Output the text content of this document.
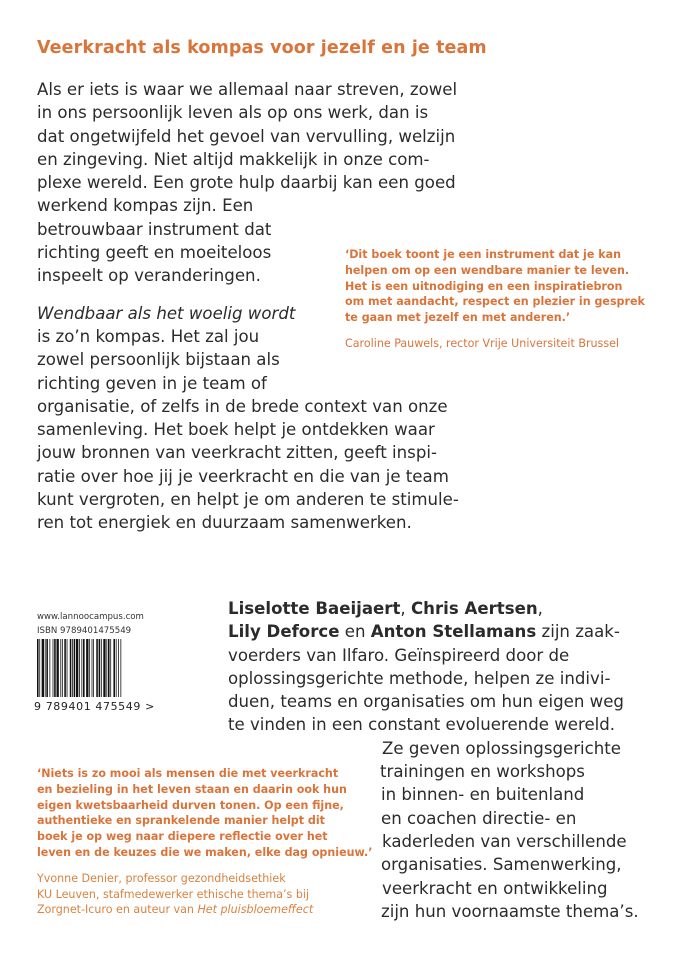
Veerkracht als kompas voor jezelf en je team
Als er iets is waar we allemaal naar streven, zowel
in ons persoonlijk leven als op ons werk, dan is
dat ongetwijfeld het gevoel van vervulling, welzijn
en zingeving. Niet altijd makkelijk in onze com-
plexe wereld. Een grote hulp daarbij kan een goed
werkend kompas zijn. Een
betrouwbaar instrument dat
richting geeft en moeiteloos
inspeelt op veranderingen.
Wendbaar als het woelig wordt
is zo’n kompas. Het zal jou
zowel persoonlijk bijstaan als
richting geven in je team of
organisatie, of zelfs in de brede context van onze
samenleving. Het boek helpt je ontdekken waar
jouw bronnen van veerkracht zitten, geeft inspi-
ratie over hoe jij je veerkracht en die van je team
kunt vergroten, en helpt je om anderen te stimule-
ren tot energiek en duurzaam samenwerken.
‘Dit boek toont je een instrument dat je kan
helpen om op een wendbare manier te leven.
Het is een uitnodiging en een inspiratiebron
om met aandacht, respect en plezier in gesprek
te gaan met jezelf en met anderen.’
Caroline Pauwels, rector Vrije Universiteit Brussel
www.lannoocampus.com
ISBN 9789401475549
9 789401 475549 >
Liselotte Baeijaert, Chris Aertsen,
Lily Deforce en Anton Stellamans zijn zaak-
voerders van Ilfaro. Geïnspireerd door de
oplossingsgerichte methode, helpen ze indivi-
duen, teams en organisaties om hun eigen weg
te vinden in een constant evoluerende wereld.
Ze geven oplossingsgerichte
trainingen en workshops
in binnen- en buitenland
en coachen directie- en
kaderleden van verschillende
organisaties. Samenwerking,
veerkracht en ontwikkeling
zijn hun voornaamste thema’s.
‘Niets is zo mooi als mensen die met veerkracht
en bezieling in het leven staan en daarin ook hun
eigen kwetsbaarheid durven tonen. Op een fijne,
authentieke en sprankelende manier helpt dit
boek je op weg naar diepere reflectie over het
leven en de keuzes die we maken, elke dag opnieuw.’
Yvonne Denier, professor gezondheidsethiek
KU Leuven, stafmedewerker ethische thema’s bij
Zorgnet-Icuro en auteur van Het pluisbloemeffect
